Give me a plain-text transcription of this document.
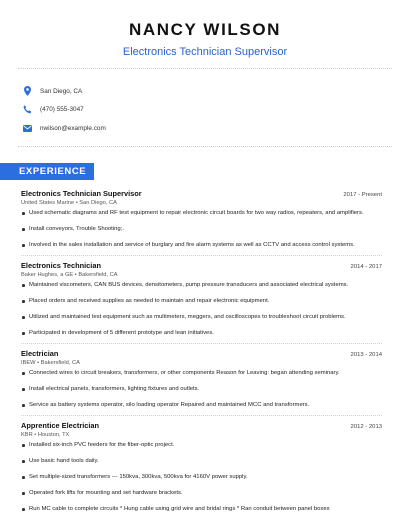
NANCY WILSON
Electronics Technician Supervisor
San Diego, CA
(470) 555-3047
nwilson@example.com
EXPERIENCE
Electronics Technician Supervisor	2017 - Present
United States Marine • San Diego, CA
Used schematic diagrams and RF test equipment to repair electronic circuit boards for two way radios, repeaters, and amplifiers.
Install conveyors, Trouble Shooting;.
Involved in the sales installation and service of burglary and fire alarm systems as well as CCTV and access control systems.
Electronics Technician	2014 - 2017
Baker Hughes, a GE • Bakersfield, CA
Maintained viscometers, CAN BUS devices, densitometers, pump pressure transducers and associated electrical systems.
Placed orders and received supplies as needed to maintain and repair electronic equipment.
Utilized and maintained test equipment such as multimeters, meggers, and oscilloscopes to troubleshoot circuit problems.
Participated in development of 5 different prototype and lean initiatives.
Electrician	2013 - 2014
IBEW • Bakersfield, CA
Connected wires to circuit breakers, transformers, or other components Reason for Leaving: began attending seminary.
Install electrical panels, transformers, lighting fixtures and outlets.
Service as battery systems operator, silo loading operator Repaired and maintained MCC and transformers.
Apprentice Electrician	2012 - 2013
KBR • Houston, TX
Installed six-inch PVC feeders for the fiber-optic project.
Use basic hand tools daily.
Set multiple-sized transformers --- 150kva, 300kva, 500kva for 4160V power supply.
Operated fork lifts for mounting and set hardware brackets.
Run MC cable to complete circuits * Hung cable using grid wire and bridal rings * Ran conduit between panel boxes
